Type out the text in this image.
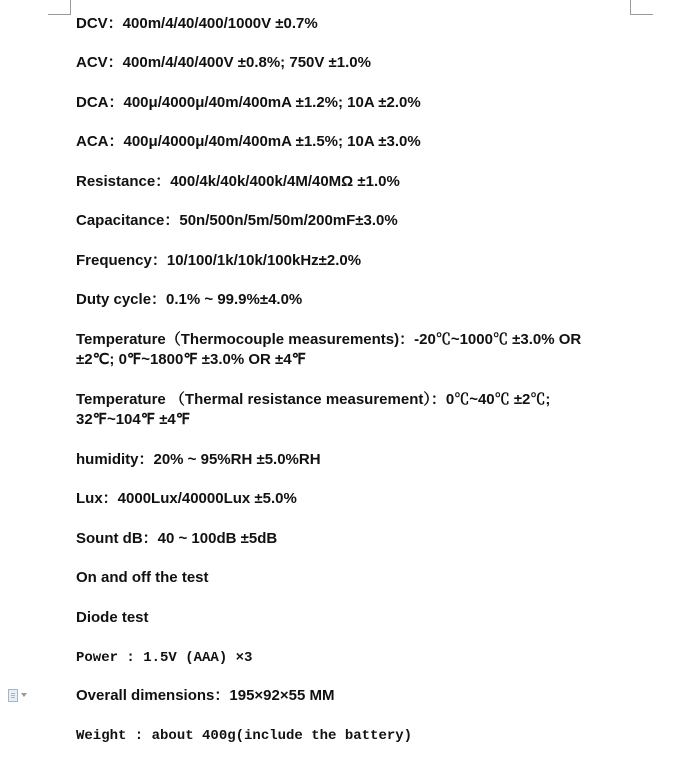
DCV：400m/4/40/400/1000V ±0.7%
ACV：400m/4/40/400V ±0.8%; 750V ±1.0%
DCA：400μ/4000μ/40m/400mA ±1.2%; 10A ±2.0%
ACA：400μ/4000μ/40m/400mA ±1.5%; 10A ±3.0%
Resistance：400/4k/40k/400k/4M/40MΩ ±1.0%
Capacitance：50n/500n/5m/50m/200mF±3.0%
Frequency：10/100/1k/10k/100kHz±2.0%
Duty cycle：0.1% ~ 99.9%±4.0%
Temperature（Thermocouple measurements)：-20℃~1000℃ ±3.0% OR
±2℃; 0℉~1800℉ ±3.0% OR ±4℉
Temperature （Thermal resistance measurement）：0℃~40℃ ±2℃;
32℉~104℉ ±4℉
humidity：20% ~ 95%RH ±5.0%RH
Lux：4000Lux/40000Lux ±5.0%
Sount dB：40 ~ 100dB ±5dB
On and off the test
Diode test
Power : 1.5V (AAA) ×3
Overall dimensions：195×92×55 MM
Weight : about 400g(include the battery)
